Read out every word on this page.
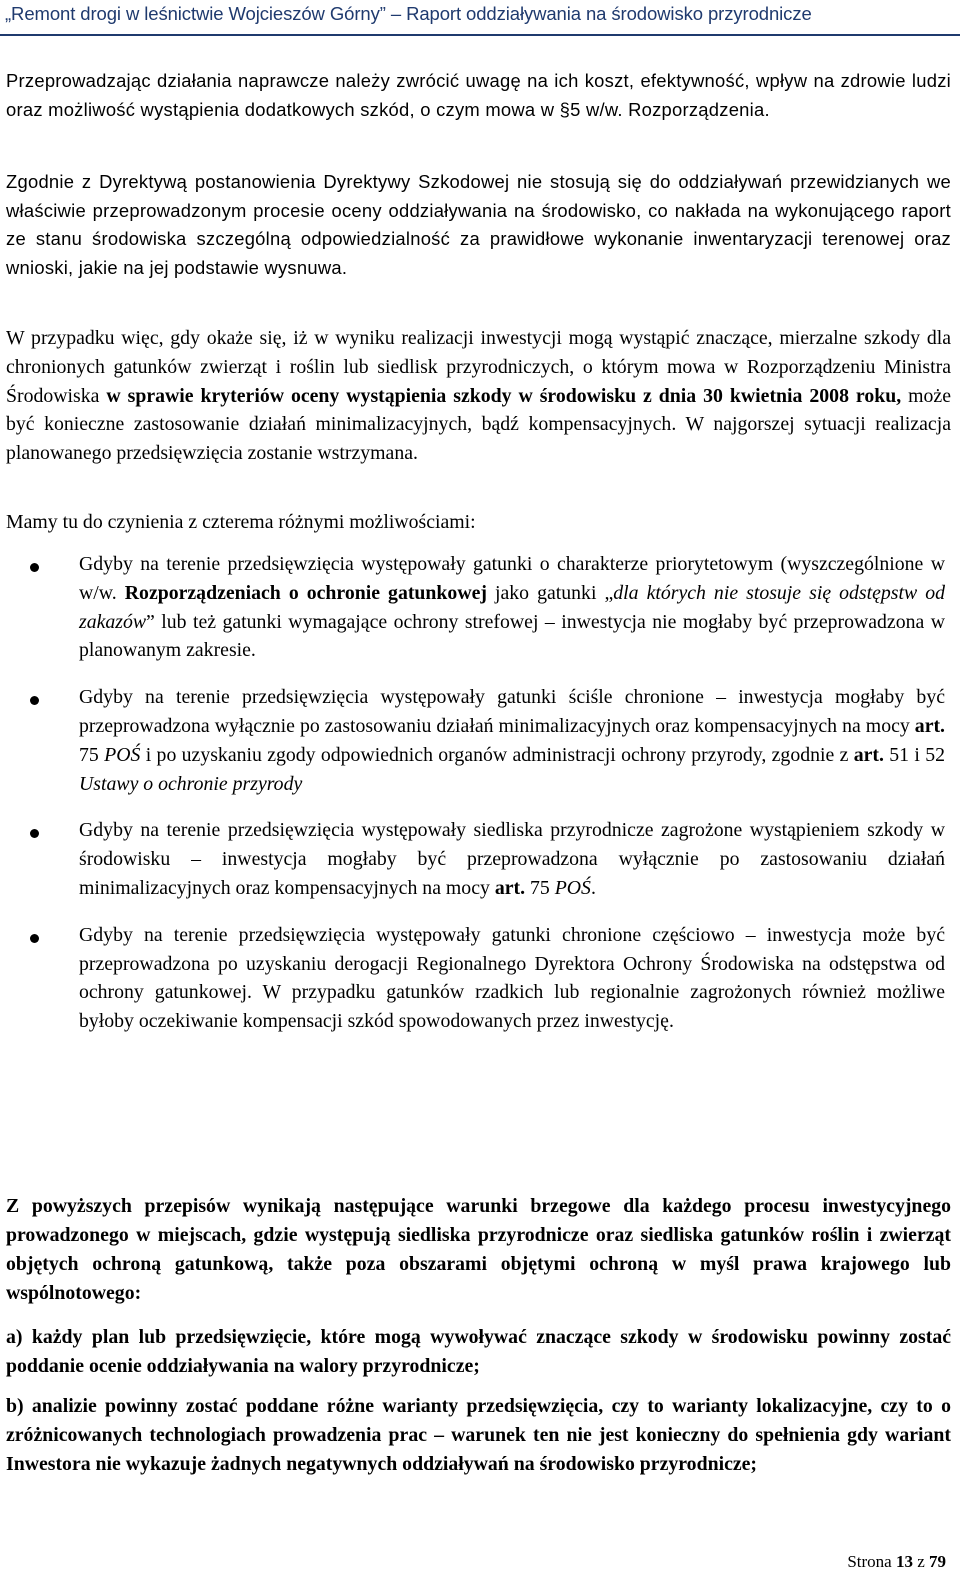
„Remont drogi w leśnictwie Wojcieszów Górny” – Raport oddziaływania na środowisko przyrodnicze

Przeprowadzając działania naprawcze należy zwrócić uwagę na ich koszt, efektywność, wpływ na zdrowie ludzi oraz możliwość wystąpienia dodatkowych szkód, o czym mowa w §5 w/w. Rozporządzenia.

Zgodnie z Dyrektywą postanowienia Dyrektywy Szkodowej nie stosują się do oddziaływań przewidzianych we właściwie przeprowadzonym procesie oceny oddziaływania na środowisko, co nakłada na wykonującego raport ze stanu środowiska szczególną odpowiedzialność za prawidłowe wykonanie inwentaryzacji terenowej oraz wnioski, jakie na jej podstawie wysnuwa.

W przypadku więc, gdy okaże się, iż w wyniku realizacji inwestycji mogą wystąpić znaczące, mierzalne szkody dla chronionych gatunków zwierząt i roślin lub siedlisk przyrodniczych, o którym mowa w Rozporządzeniu Ministra Środowiska w sprawie kryteriów oceny wystąpienia szkody w środowisku z dnia 30 kwietnia 2008 roku, może być konieczne zastosowanie działań minimalizacyjnych, bądź kompensacyjnych. W najgorszej sytuacji realizacja planowanego przedsięwzięcia zostanie wstrzymana.

Mamy tu do czynienia z czterema różnymi możliwościami:

Gdyby na terenie przedsięwzięcia występowały gatunki o charakterze priorytetowym (wyszczególnione w w/w. Rozporządzeniach o ochronie gatunkowej jako gatunki „dla których nie stosuje się odstępstw od zakazów” lub też gatunki wymagające ochrony strefowej – inwestycja nie mogłaby być przeprowadzona w planowanym zakresie.
Gdyby na terenie przedsięwzięcia występowały gatunki ściśle chronione – inwestycja mogłaby być przeprowadzona wyłącznie po zastosowaniu działań minimalizacyjnych oraz kompensacyjnych na mocy art. 75 POŚ i po uzyskaniu zgody odpowiednich organów administracji ochrony przyrody, zgodnie z art. 51 i 52 Ustawy o ochronie przyrody
Gdyby na terenie przedsięwzięcia występowały siedliska przyrodnicze zagrożone wystąpieniem szkody w środowisku – inwestycja mogłaby być przeprowadzona wyłącznie po zastosowaniu działań minimalizacyjnych oraz kompensacyjnych na mocy art. 75 POŚ.
Gdyby na terenie przedsięwzięcia występowały gatunki chronione częściowo – inwestycja może być przeprowadzona po uzyskaniu derogacji Regionalnego Dyrektora Ochrony Środowiska na odstępstwa od ochrony gatunkowej. W przypadku gatunków rzadkich lub regionalnie zagrożonych również możliwe byłoby oczekiwanie kompensacji szkód spowodowanych przez inwestycję.

Z powyższych przepisów wynikają następujące warunki brzegowe dla każdego procesu inwestycyjnego prowadzonego w miejscach, gdzie występują siedliska przyrodnicze oraz siedliska gatunków roślin i zwierząt objętych ochroną gatunkową, także poza obszarami objętymi ochroną w myśl prawa krajowego lub wspólnotowego:

a) każdy plan lub przedsięwzięcie, które mogą wywoływać znaczące szkody w środowisku powinny zostać poddanie ocenie oddziaływania na walory przyrodnicze;

b) analizie powinny zostać poddane różne warianty przedsięwzięcia, czy to warianty lokalizacyjne, czy to o zróżnicowanych technologiach prowadzenia prac – warunek ten nie jest konieczny do spełnienia gdy wariant Inwestora nie wykazuje żadnych negatywnych oddziaływań na środowisko przyrodnicze;

Strona 13 z 79
